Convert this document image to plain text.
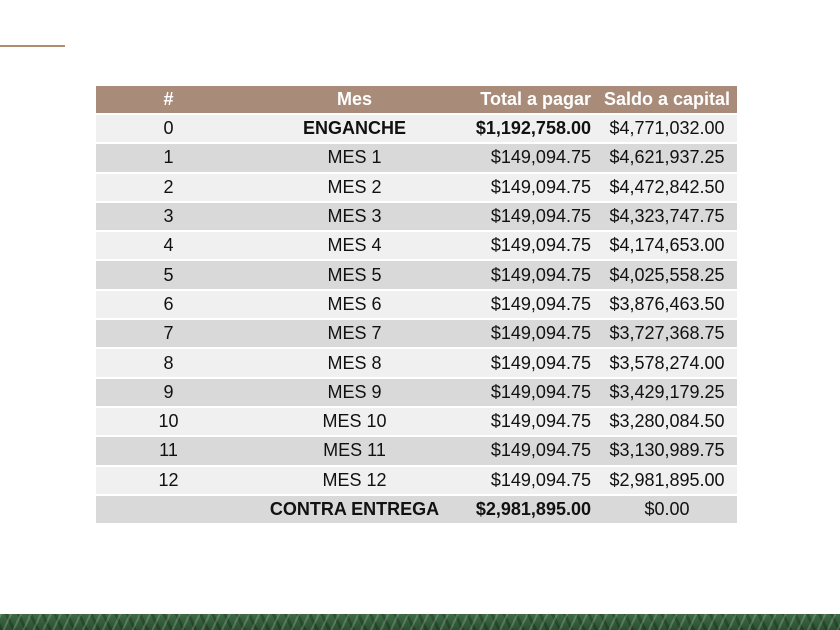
#	Mes	Total a pagar	Saldo a capital
0	ENGANCHE	$1,192,758.00	$4,771,032.00
1	MES 1	$149,094.75	$4,621,937.25
2	MES 2	$149,094.75	$4,472,842.50
3	MES 3	$149,094.75	$4,323,747.75
4	MES 4	$149,094.75	$4,174,653.00
5	MES 5	$149,094.75	$4,025,558.25
6	MES 6	$149,094.75	$3,876,463.50
7	MES 7	$149,094.75	$3,727,368.75
8	MES 8	$149,094.75	$3,578,274.00
9	MES 9	$149,094.75	$3,429,179.25
10	MES 10	$149,094.75	$3,280,084.50
11	MES 11	$149,094.75	$3,130,989.75
12	MES 12	$149,094.75	$2,981,895.00
	CONTRA ENTREGA	$2,981,895.00	$0.00
